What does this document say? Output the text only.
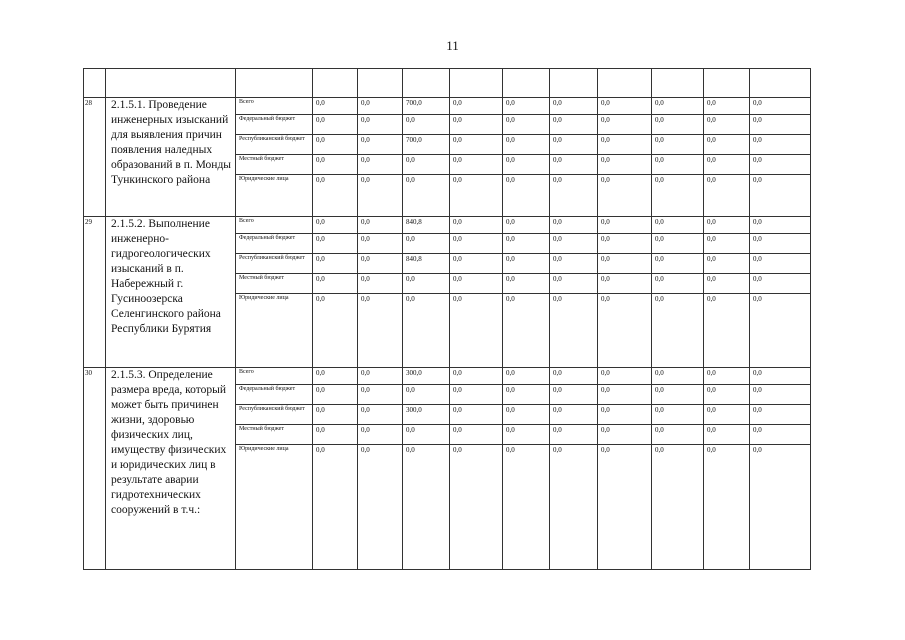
11

28	2.1.5.1. Проведение инженерных изысканий для выявления причин появления наледных образований в п. Монды Тункинского района	Всего	0,0	0,0	700,0	0,0	0,0	0,0	0,0	0,0	0,0	0,0	
		Федеральный бюджет	0,0	0,0	0,0	0,0	0,0	0,0	0,0	0,0	0,0	0,0	
		Республиканский бюджет	0,0	0,0	700,0	0,0	0,0	0,0	0,0	0,0	0,0	0,0	
		Местный бюджет	0,0	0,0	0,0	0,0	0,0	0,0	0,0	0,0	0,0	0,0	
		Юридические лица	0,0	0,0	0,0	0,0	0,0	0,0	0,0	0,0	0,0	0,0	
29	2.1.5.2. Выполнение инженерно-гидрогеологических изысканий в п. Набережный г. Гусиноозерска Селенгинского района Республики Бурятия	Всего	0,0	0,0	840,8	0,0	0,0	0,0	0,0	0,0	0,0	0,0	
		Федеральный бюджет	0,0	0,0	0,0	0,0	0,0	0,0	0,0	0,0	0,0	0,0	
		Республиканский бюджет	0,0	0,0	840,8	0,0	0,0	0,0	0,0	0,0	0,0	0,0	
		Местный бюджет	0,0	0,0	0,0	0,0	0,0	0,0	0,0	0,0	0,0	0,0	
		Юридические лица	0,0	0,0	0,0	0,0	0,0	0,0	0,0	0,0	0,0	0,0	
30	2.1.5.3. Определение размера вреда, который может быть причинен жизни, здоровью физических лиц, имуществу физических и юридических лиц в результате аварии гидротехнических сооружений в т.ч.:	Всего	0,0	0,0	300,0	0,0	0,0	0,0	0,0	0,0	0,0	0,0	
		Федеральный бюджет	0,0	0,0	0,0	0,0	0,0	0,0	0,0	0,0	0,0	0,0	
		Республиканский бюджет	0,0	0,0	300,0	0,0	0,0	0,0	0,0	0,0	0,0	0,0	
		Местный бюджет	0,0	0,0	0,0	0,0	0,0	0,0	0,0	0,0	0,0	0,0	
		Юридические лица	0,0	0,0	0,0	0,0	0,0	0,0	0,0	0,0	0,0	0,0	
